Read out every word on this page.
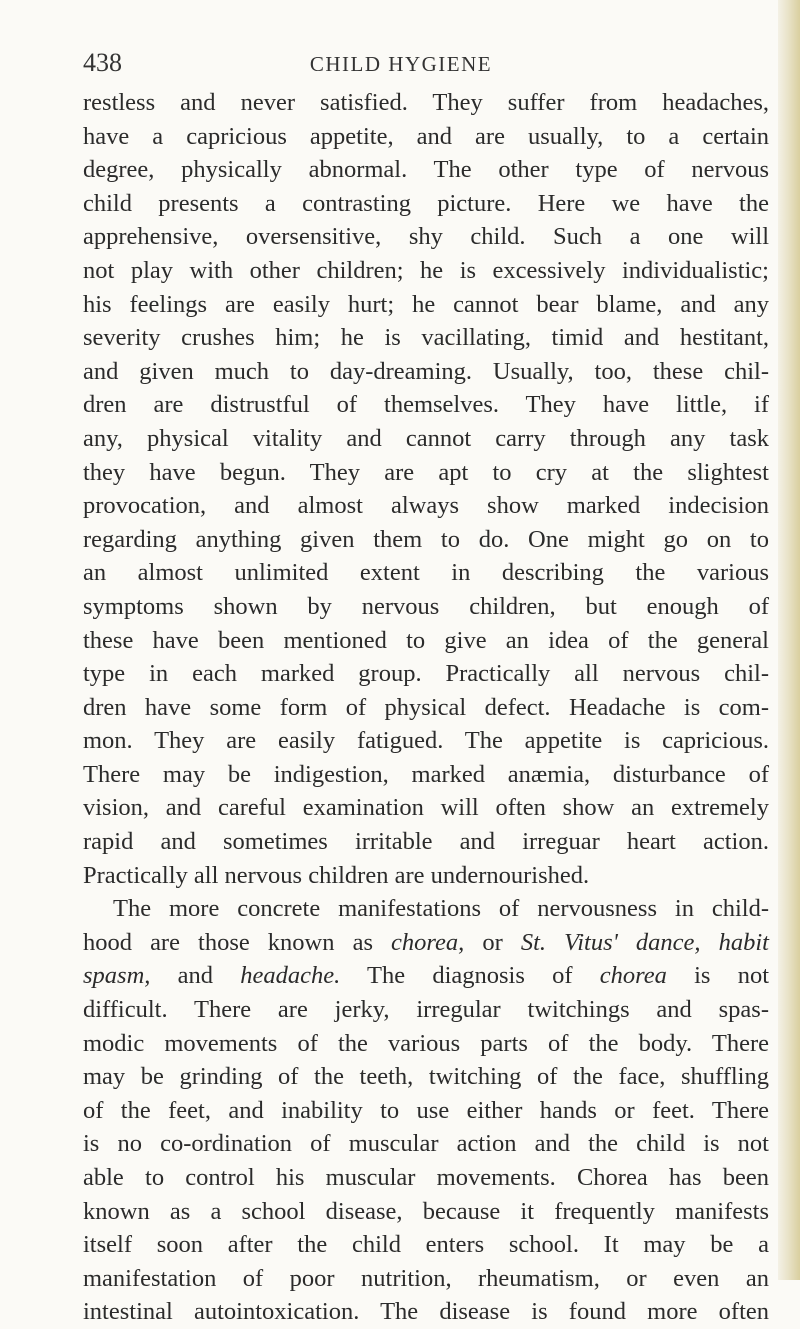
438	CHILD HYGIENE
restless and never satisfied. They suffer from headaches,
have a capricious appetite, and are usually, to a certain
degree, physically abnormal. The other type of nervous
child presents a contrasting picture. Here we have the
apprehensive, oversensitive, shy child. Such a one will
not play with other children; he is excessively individualistic;
his feelings are easily hurt; he cannot bear blame, and any
severity crushes him; he is vacillating, timid and hestitant,
and given much to day-dreaming. Usually, too, these chil-
dren are distrustful of themselves. They have little, if
any, physical vitality and cannot carry through any task
they have begun. They are apt to cry at the slightest
provocation, and almost always show marked indecision
regarding anything given them to do. One might go on to
an almost unlimited extent in describing the various
symptoms shown by nervous children, but enough of
these have been mentioned to give an idea of the general
type in each marked group. Practically all nervous chil-
dren have some form of physical defect. Headache is com-
mon. They are easily fatigued. The appetite is capricious.
There may be indigestion, marked anæmia, disturbance of
vision, and careful examination will often show an extremely
rapid and sometimes irritable and irreguar heart action.
Practically all nervous children are undernourished.
The more concrete manifestations of nervousness in child-
hood are those known as chorea, or St. Vitus' dance, habit
spasm, and headache. The diagnosis of chorea is not
difficult. There are jerky, irregular twitchings and spas-
modic movements of the various parts of the body. There
may be grinding of the teeth, twitching of the face, shuffling
of the feet, and inability to use either hands or feet. There
is no co-ordination of muscular action and the child is not
able to control his muscular movements. Chorea has been
known as a school disease, because it frequently manifests
itself soon after the child enters school. It may be a
manifestation of poor nutrition, rheumatism, or even an
intestinal autointoxication. The disease is found more often
